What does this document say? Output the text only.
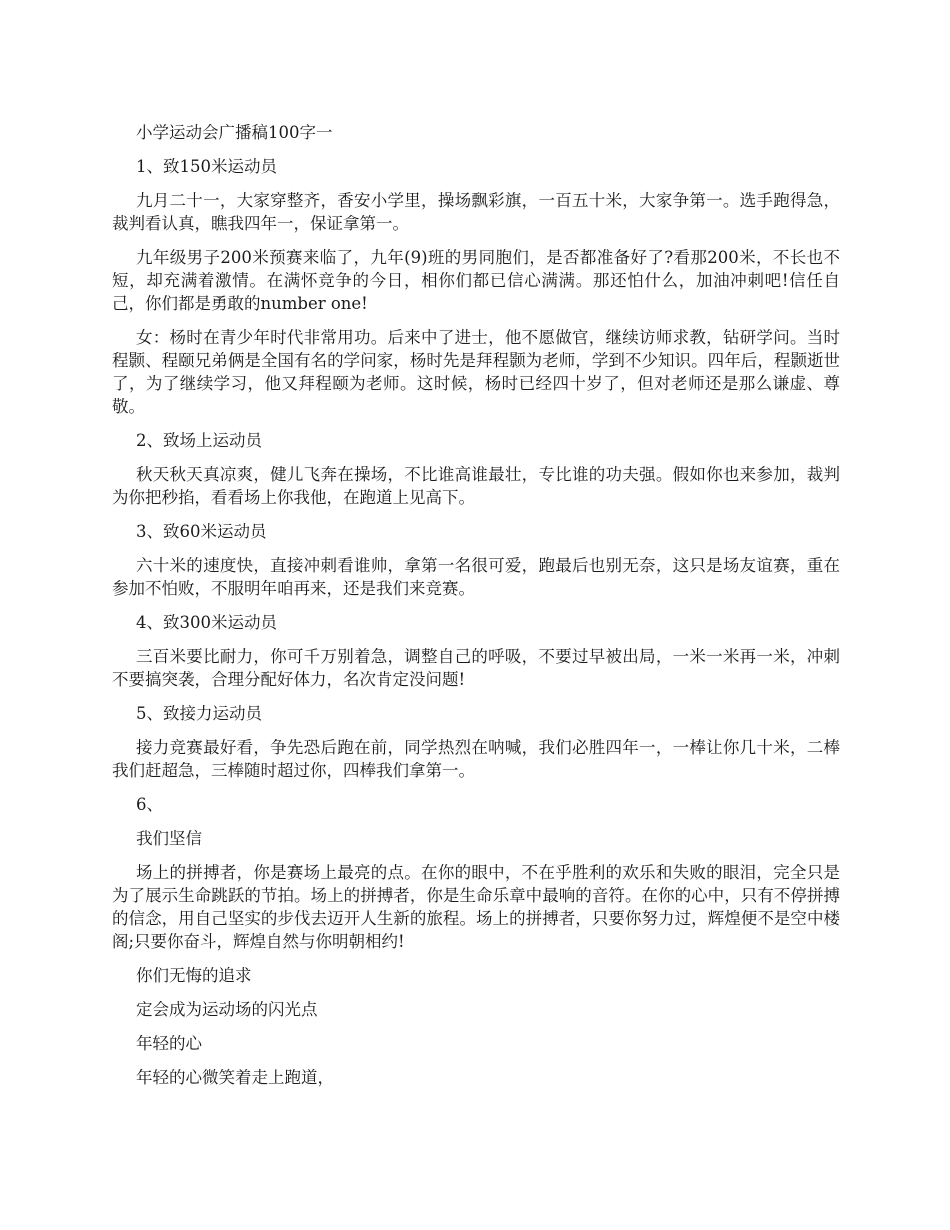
小学运动会广播稿100字一

1、致150米运动员

九月二十一，大家穿整齐，香安小学里，操场飘彩旗，一百五十米，大家争第一。选手跑得急，裁判看认真，瞧我四年一，保证拿第一。

九年级男子200米预赛来临了，九年(9)班的男同胞们，是否都准备好了?看那200米，不长也不短，却充满着激情。在满怀竞争的今日，相你们都已信心满满。那还怕什么，加油冲刺吧!信任自己，你们都是勇敢的number one!

女：杨时在青少年时代非常用功。后来中了进士，他不愿做官，继续访师求教，钻研学问。当时程颢、程颐兄弟俩是全国有名的学问家，杨时先是拜程颢为老师，学到不少知识。四年后，程颢逝世了，为了继续学习，他又拜程颐为老师。这时候，杨时已经四十岁了，但对老师还是那么谦虚、尊敬。

2、致场上运动员

秋天秋天真凉爽，健儿飞奔在操场，不比谁高谁最壮，专比谁的功夫强。假如你也来参加，裁判为你把秒掐，看看场上你我他，在跑道上见高下。

3、致60米运动员

六十米的速度快，直接冲刺看谁帅，拿第一名很可爱，跑最后也别无奈，这只是场友谊赛，重在参加不怕败，不服明年咱再来，还是我们来竞赛。

4、致300米运动员

三百米要比耐力，你可千万别着急，调整自己的呼吸，不要过早被出局，一米一米再一米，冲刺不要搞突袭，合理分配好体力，名次肯定没问题!

5、致接力运动员

接力竞赛最好看，争先恐后跑在前，同学热烈在呐喊，我们必胜四年一，一棒让你几十米，二棒我们赶超急，三棒随时超过你，四棒我们拿第一。

6、

我们坚信

场上的拼搏者，你是赛场上最亮的点。在你的眼中，不在乎胜利的欢乐和失败的眼泪，完全只是为了展示生命跳跃的节拍。场上的拼搏者，你是生命乐章中最响的音符。在你的心中，只有不停拼搏的信念，用自己坚实的步伐去迈开人生新的旅程。场上的拼搏者，只要你努力过，辉煌便不是空中楼阁;只要你奋斗，辉煌自然与你明朝相约!

你们无悔的追求

定会成为运动场的闪光点

年轻的心

年轻的心微笑着走上跑道，
